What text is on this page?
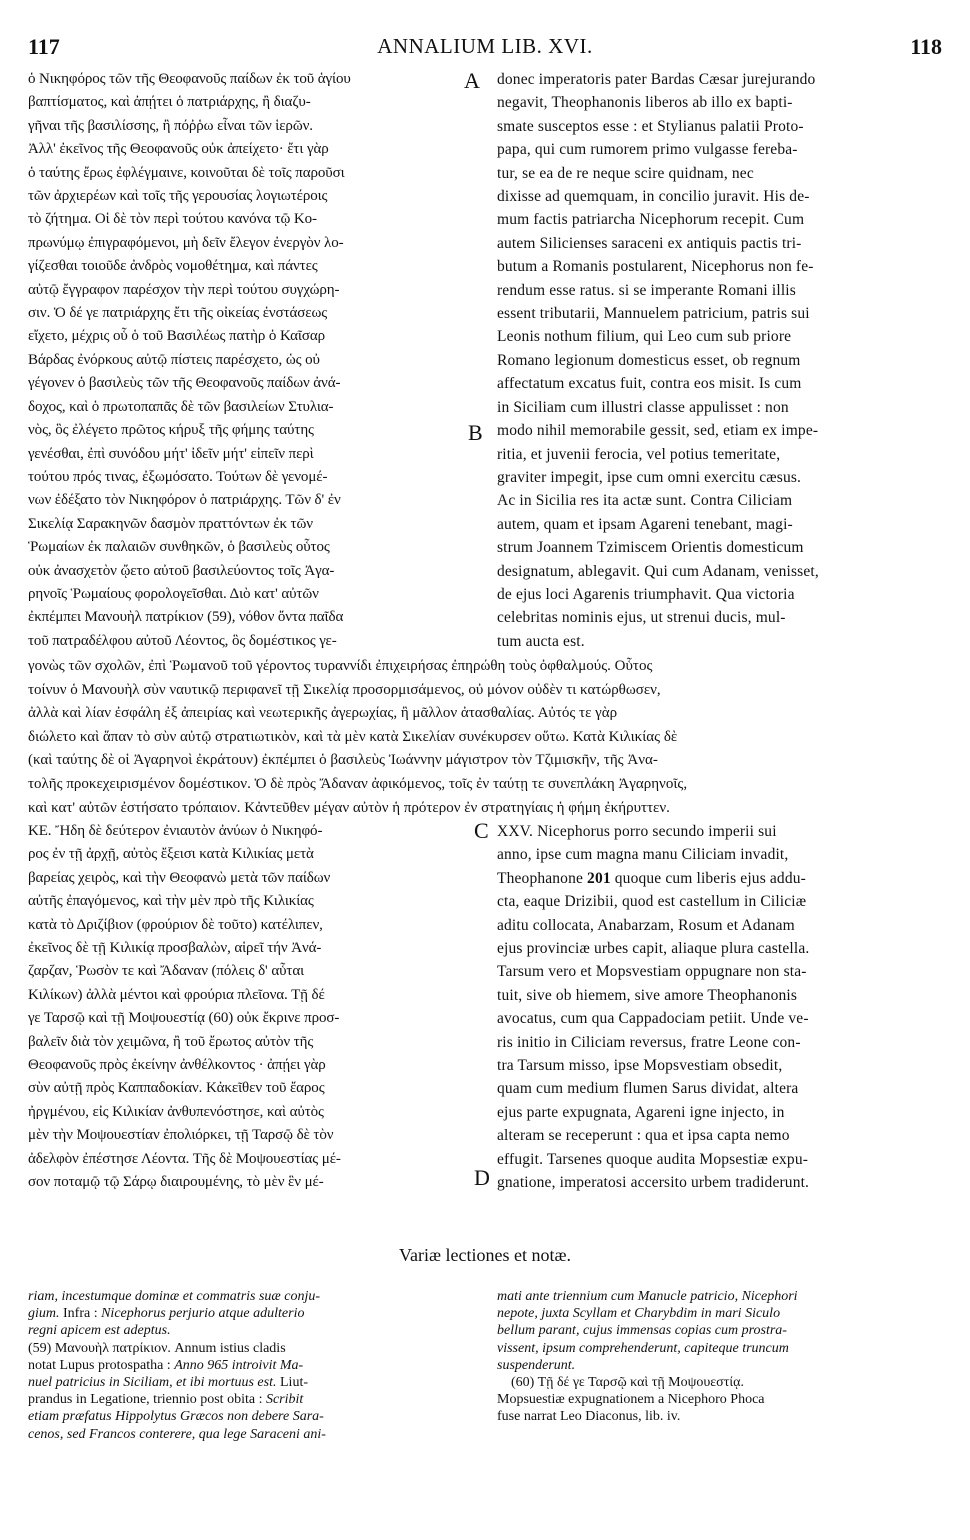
117	ANNALIUM LIB. XVI.	118
ὁ Νικηφόρος τῶν τῆς Θεοφανοῦς παίδων ἐκ τοῦ ἁγίου
βαπτίσματος, καὶ ἀπῄτει ὁ πατριάρχης, ἢ διαζυ-
γῆναι τῆς βασιλίσσης, ἢ πόῤῥω εἶναι τῶν ἱερῶν.
Ἀλλ' ἐκεῖνος τῆς Θεοφανοῦς οὐκ ἀπείχετο· ἔτι γὰρ
ὁ ταύτης ἔρως ἐφλέγμαινε, κοινοῦται δὲ τοῖς παροῦσι
τῶν ἀρχιερέων καὶ τοῖς τῆς γερουσίας λογιωτέροις
τὸ ζήτημα. Οἱ δὲ τὸν περὶ τούτου κανόνα τῷ Κο-
πρωνύμῳ ἐπιγραφόμενοι, μὴ δεῖν ἔλεγον ἐνεργὸν λο-
γίζεσθαι τοιοῦδε ἀνδρὸς νομοθέτημα, καὶ πάντες
αὐτῷ ἔγγραφον παρέσχον τὴν περὶ τούτου συγχώρη-
σιν. Ὁ δέ γε πατριάρχης ἔτι τῆς οἰκείας ἐνστάσεως
εἴχετο, μέχρις οὗ ὁ τοῦ Βασιλέως πατὴρ ὁ Καῖσαρ
Βάρδας ἐνόρκους αὐτῷ πίστεις παρέσχετο, ὡς οὐ
γέγονεν ὁ βασιλεὺς τῶν τῆς Θεοφανοῦς παίδων ἀνά-
δοχος, καὶ ὁ πρωτοπαπᾶς δὲ τῶν βασιλείων Στυλια-
νὸς, ὃς ἐλέγετο πρῶτος κήρυξ τῆς φήμης ταύτης
γενέσθαι, ἐπὶ συνόδου μήτ' ἰδεῖν μήτ' εἰπεῖν περὶ
τούτου πρός τινας, ἐξωμόσατο. Τούτων δὲ γενομέ-
νων ἐδέξατο τὸν Νικηφόρον ὁ πατριάρχης. Τῶν δ' ἐν
Σικελίᾳ Σαρακηνῶν δασμὸν πραττόντων ἐκ τῶν
Ῥωμαίων ἐκ παλαιῶν συνθηκῶν, ὁ βασιλεὺς οὗτος
οὐκ ἀνασχετὸν ᾤετο αὐτοῦ βασιλεύοντος τοῖς Ἀγα-
ρηνοῖς Ῥωμαίους φορολογεῖσθαι. Διὸ κατ' αὐτῶν
ἐκπέμπει Μανουὴλ πατρίκιον (59), νόθον ὄντα παῖδα
τοῦ πατραδέλφου αὐτοῦ Λέοντος, ὃς δομέστικος γε-
A
B
donec imperatoris pater Bardas Cæsar jurejurando
negavit, Theophanonis liberos ab illo ex bapti-
smate susceptos esse : et Stylianus palatii Proto-
papa, qui cum rumorem primo vulgasse fereba-
tur, se ea de re neque scire quidnam, nec
dixisse ad quemquam, in concilio juravit. His de-
mum factis patriarcha Nicephorum recepit. Cum
autem Silicienses saraceni ex antiquis pactis tri-
butum a Romanis postularent, Nicephorus non fe-
rendum esse ratus. si se imperante Romani illis
essent tributarii, Mannuelem patricium, patris sui
Leonis nothum filium, qui Leo cum sub priore
Romano legionum domesticus esset, ob regnum
affectatum excatus fuit, contra eos misit. Is cum
in Siciliam cum illustri classe appulisset : non
modo nihil memorabile gessit, sed, etiam ex impe-
ritia, et juvenii ferocia, vel potius temeritate,
graviter impegit, ipse cum omni exercitu cæsus.
Ac in Sicilia res ita actæ sunt. Contra Ciliciam
autem, quam et ipsam Agareni tenebant, magi-
strum Joannem Tzimiscem Orientis domesticum
designatum, ablegavit. Qui cum Adanam, venisset,
de ejus loci Agarenis triumphavit. Qua victoria
celebritas nominis ejus, ut strenui ducis, mul-
tum aucta est.
γονὼς τῶν σχολῶν, ἐπὶ Ῥωμανοῦ τοῦ γέροντος τυραννίδι ἐπιχειρήσας ἐπηρώθη τοὺς ὀφθαλμούς. Οὗτος
τοίνυν ὁ Μανουὴλ σὺν ναυτικῷ περιφανεῖ τῇ Σικελίᾳ προσορμισάμενος, οὐ μόνον οὐδὲν τι κατώρθωσεν,
ἀλλὰ καὶ λίαν ἐσφάλη ἐξ ἀπειρίας καὶ νεωτερικῆς ἀγερωχίας, ἢ μᾶλλον ἀτασθαλίας. Αὐτός τε γὰρ
διώλετο καὶ ἅπαν τὸ σὺν αὐτῷ στρατιωτικὸν, καὶ τὰ μὲν κατὰ Σικελίαν συνέκυρσεν οὕτω. Κατὰ Κιλικίας δὲ
(καὶ ταύτης δὲ οἱ Ἀγαρηνοὶ ἐκράτουν) ἐκπέμπει ὁ βασιλεὺς Ἰωάννην μάγιστρον τὸν Τζιμισκῆν, τῆς Ἀνα-
τολῆς προκεχειρισμένον δομέστικον. Ὁ δὲ πρὸς Ἄδαναν ἀφικόμενος, τοῖς ἐν ταύτῃ τε συνεπλάκη Ἀγαρηνοῖς,
καὶ κατ' αὐτῶν ἐστήσατο τρόπαιον. Κἀντεῦθεν μέγαν αὐτὸν ἡ πρότερον ἐν στρατηγίαις ἡ φήμη ἐκήρυττεν.
ΚΕ. Ἤδη δὲ δεύτερον ἐνιαυτὸν ἀνύων ὁ Νικηφό-
ρος ἐν τῇ ἀρχῇ, αὐτὸς ἔξεισι κατὰ Κιλικίας μετὰ
βαρείας χειρὸς, καὶ τὴν Θεοφανὼ μετὰ τῶν παίδων
αὐτῆς ἐπαγόμενος, καὶ τὴν μὲν πρὸ τῆς Κιλικίας
κατὰ τὸ Δριζίβιον (φρούριον δὲ τοῦτο) κατέλιπεν,
ἐκεῖνος δὲ τῇ Κιλικίᾳ προσβαλὼν, αἱρεῖ τήν Ἀνά-
ζαρζαν, Ῥωσὸν τε καὶ Ἄδαναν (πόλεις δ' αὗται
Κιλίκων) ἀλλὰ μέντοι καὶ φρούρια πλεῖονα. Τῇ δέ
γε Ταρσῷ καὶ τῇ Μοψουεστίᾳ (60) οὐκ ἔκρινε προσ-
βαλεῖν διὰ τὸν χειμῶνα, ἢ τοῦ ἔρωτος αὐτὸν τῆς
Θεοφανοῦς πρὸς ἐκείνην ἀνθέλκοντος · ἀπῄει γὰρ
σὺν αὐτῇ πρὸς Καππαδοκίαν. Κἀκεῖθεν τοῦ ἔαρος
ἠργμένου, εἰς Κιλικίαν ἀνθυπενόστησε, καὶ αὐτὸς
μὲν τὴν Μοψουεστίαν ἐπολιόρκει, τῇ Ταρσῷ δὲ τὸν
ἀδελφὸν ἐπέστησε Λέοντα. Τῆς δὲ Μοψουεστίας μέ-
σον ποταμῷ τῷ Σάρῳ διαιρουμένης, τὸ μὲν ἓν μέ-
C
D
XXV. Nicephorus porro secundo imperii sui
anno, ipse cum magna manu Ciliciam invadit,
Theophanone 201 quoque cum liberis ejus addu-
cta, eaque Drizibii, quod est castellum in Ciliciæ
aditu collocata, Anabarzam, Rosum et Adanam
ejus provinciæ urbes capit, aliaque plura castella.
Tarsum vero et Mopsvestiam oppugnare non sta-
tuit, sive ob hiemem, sive amore Theophanonis
avocatus, cum qua Cappadociam petiit. Unde ve-
ris initio in Ciliciam reversus, fratre Leone con-
tra Tarsum misso, ipse Mopsvestiam obsedit,
quam cum medium flumen Sarus dividat, altera
ejus parte expugnata, Agareni igne injecto, in
alteram se receperunt : qua et ipsa capta nemo
effugit. Tarsenes quoque audita Mopsestiæ expu-
gnatione, imperatosi accersito urbem tradiderunt.
Variæ lectiones et notæ.
riam, incestumque dominæ et commatris suæ conju-
gium. Infra : Nicephorus perjurio atque adulterio
regni apicem est adeptus.
(59) Μανουὴλ πατρίκιον. Annum istius cladis
notat Lupus protospatha : Anno 965 introivit Ma-
nuel patricius in Siciliam, et ibi mortuus est. Liut-
prandus in Legatione, triennio post obita : Scribit
etiam præfatus Hippolytus Græcos non debere Sara-
cenos, sed Francos conterere, qua lege Saraceni ani-
mati ante triennium cum Manucle patricio, Nicephori
nepote, juxta Scyllam et Charybdim in mari Siculo
bellum parant, cujus immensas copias cum prostra-
vissent, ipsum comprehenderunt, capiteque truncum
suspenderunt.
(60) Τῇ δέ γε Ταρσῷ καὶ τῇ Μοψουεστίᾳ.
Mopsuestiæ expugnationem a Nicephoro Phoca
fuse narrat Leo Diaconus, lib. iv.
